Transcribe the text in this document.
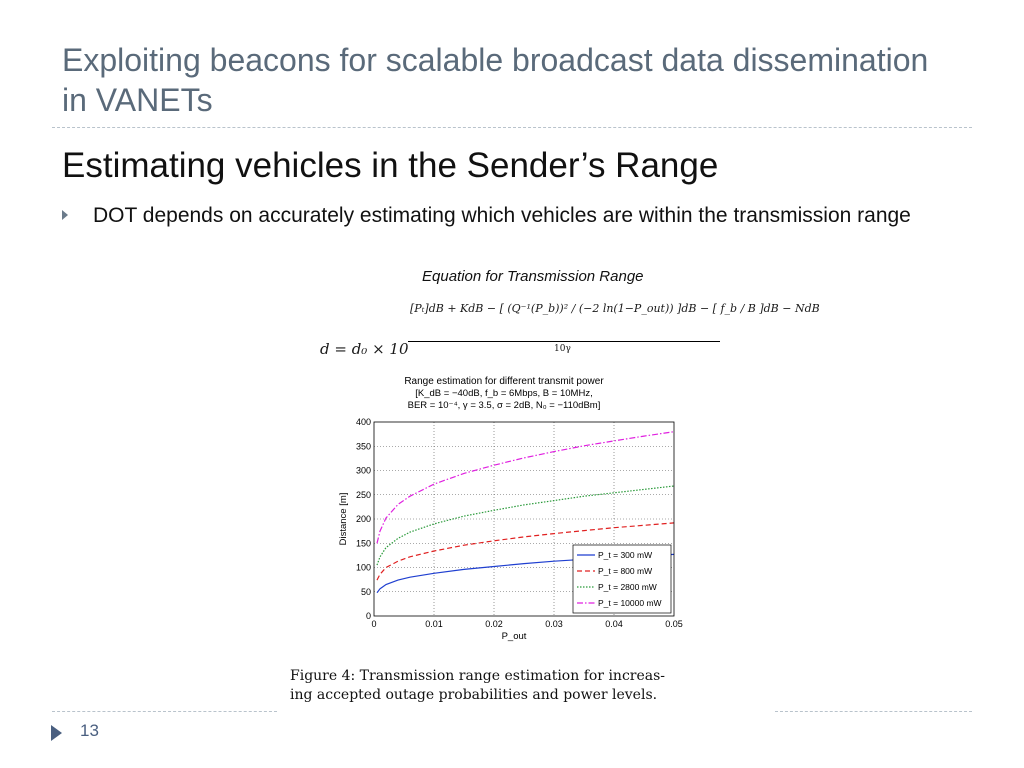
Exploiting beacons for scalable broadcast data dissemination in VANETs
Estimating vehicles in the Sender’s Range
DOT depends on accurately estimating which vehicles are within the transmission range
Equation for Transmission Range
d = d₀ × 10
[Pₜ]dB + KdB − [ (Q⁻¹(P_b))² / (−2 ln(1−P_out)) ]dB − [ f_b / B ]dB − NdB
10γ
Range estimation for different transmit power
[K_dB = −40dB, f_b = 6Mbps, B = 10MHz,
BER = 10⁻⁴, γ = 3.5, σ = 2dB, N₀ = −110dBm]
0	0.01	0.02	0.03	0.04	0.05
0
50
100
150
200
250
300
350
400
P_out
Distance [m]
P_t = 300 mW
P_t = 800 mW
P_t = 2800 mW
P_t = 10000 mW
Figure 4: Transmission range estimation for increas-
ing accepted outage probabilities and power levels.
13
